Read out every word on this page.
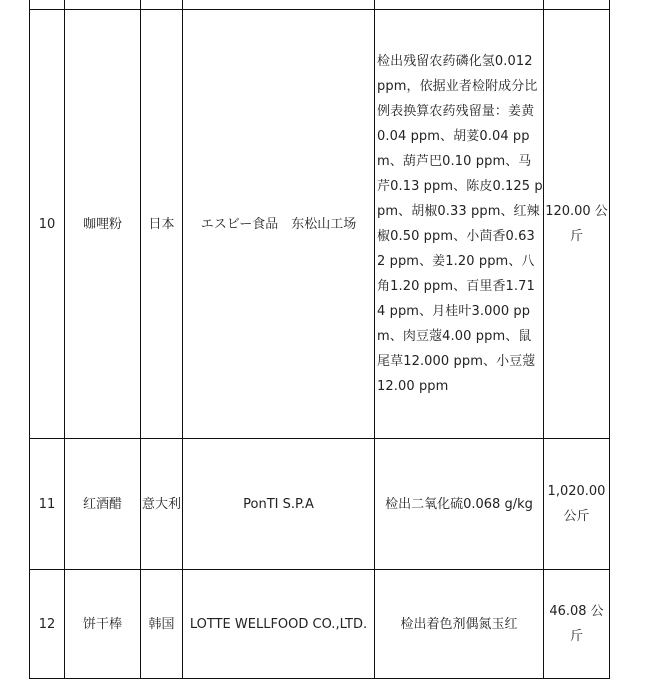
10	咖哩粉	日本	エスビー食品　东松山工场	检出残留农药磷化氢0.012 ppm，依据业者检附成分比例表换算农药残留量：姜黄0.04 ppm、胡荽0.04 ppm、葫芦巴0.10 ppm、马芹0.13 ppm、陈皮0.125 ppm、胡椒0.33 ppm、红辣椒0.50 ppm、小茴香0.632 ppm、姜1.20 ppm、八角1.20 ppm、百里香1.714 ppm、月桂叶3.000 ppm、肉豆蔻4.00 ppm、鼠尾草12.000 ppm、小豆蔻12.00 ppm	120.00 公斤
11	红酒醋	意大利	PonTI S.P.A	检出二氧化硫0.068 g/kg	1,020.00 公斤
12	饼干棒	韩国	LOTTE WELLFOOD CO.,LTD.	检出着色剂偶氮玉红	46.08 公斤
